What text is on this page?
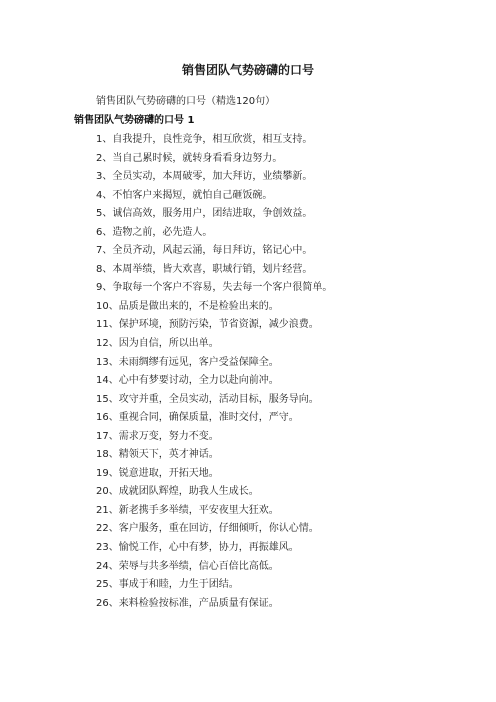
销售团队气势磅礴的口号
销售团队气势磅礴的口号（精选120句）
销售团队气势磅礴的口号 1
1、自我提升，良性竞争，相互欣赏，相互支持。
2、当自己累时候，就转身看看身边努力。
3、全员实动，本周破零，加大拜访，业绩攀新。
4、不怕客户来揭短，就怕自己砸饭碗。
5、诚信高效，服务用户，团结进取，争创效益。
6、造物之前，必先造人。
7、全员齐动，风起云涌，每日拜访，铭记心中。
8、本周举绩，皆大欢喜，职域行销，划片经营。
9、争取每一个客户不容易，失去每一个客户很简单。
10、品质是做出来的，不是检验出来的。
11、保护环境，预防污染，节省资源，减少浪费。
12、因为自信，所以出单。
13、未雨绸缪有远见，客户受益保障全。
14、心中有梦要讨动，全力以赴向前冲。
15、攻守并重，全员实动，活动目标，服务导向。
16、重视合同，确保质量，准时交付，严守。
17、需求万变，努力不变。
18、精领天下，英才神话。
19、锐意进取，开拓天地。
20、成就团队辉煌，助我人生成长。
21、新老携手多举绩，平安夜里大狂欢。
22、客户服务，重在回访，仔细倾听，你认心情。
23、愉悦工作，心中有梦，协力，再振雄风。
24、荣辱与共多举绩，信心百倍比高低。
25、事成于和睦，力生于团结。
26、来料检验按标准，产品质量有保证。
